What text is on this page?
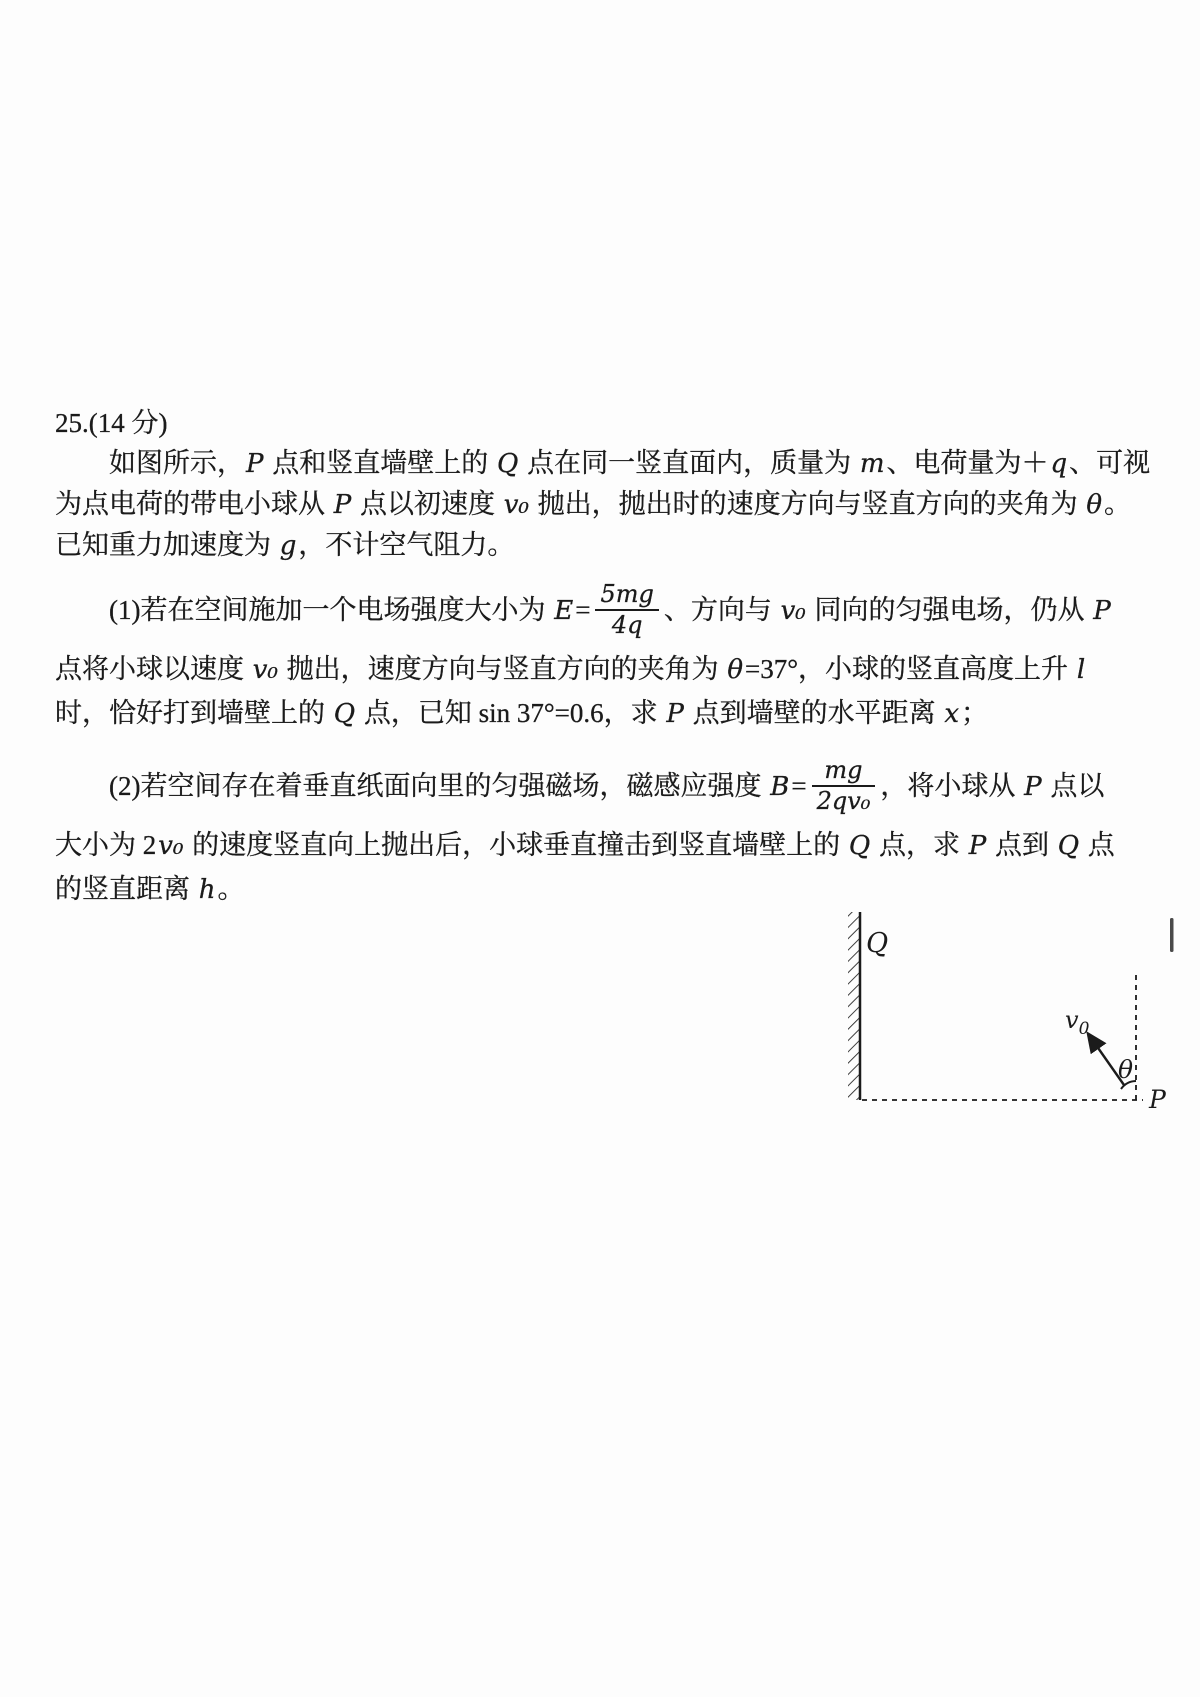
25.(14 分)
如图所示，P 点和竖直墙壁上的 Q 点在同一竖直面内，质量为 m、电荷量为＋q、可视
为点电荷的带电小球从 P 点以初速度 v₀ 抛出，抛出时的速度方向与竖直方向的夹角为 θ。
已知重力加速度为 g，不计空气阻力。
(1)若在空间施加一个电场强度大小为 $E= \frac{5mg}{4q}$ 、方向与 v₀ 同向的匀强电场，仍从 P
点将小球以速度 v₀ 抛出，速度方向与竖直方向的夹角为 θ=37°，小球的竖直高度上升 l
时，恰好打到墙壁上的 Q 点，已知 sin 37°=0.6，求 P 点到墙壁的水平距离 x；
(2)若空间存在着垂直纸面向里的匀强磁场，磁感应强度 $B= \frac{mg}{\text{2qv₀}}$ ，将小球从 P 点以
大小为 2v₀ 的速度竖直向上抛出后，小球垂直撞击到竖直墙壁上的 Q 点，求 P 点到 Q 点
的竖直距离 h。
Q
$v_0$
θ
P
